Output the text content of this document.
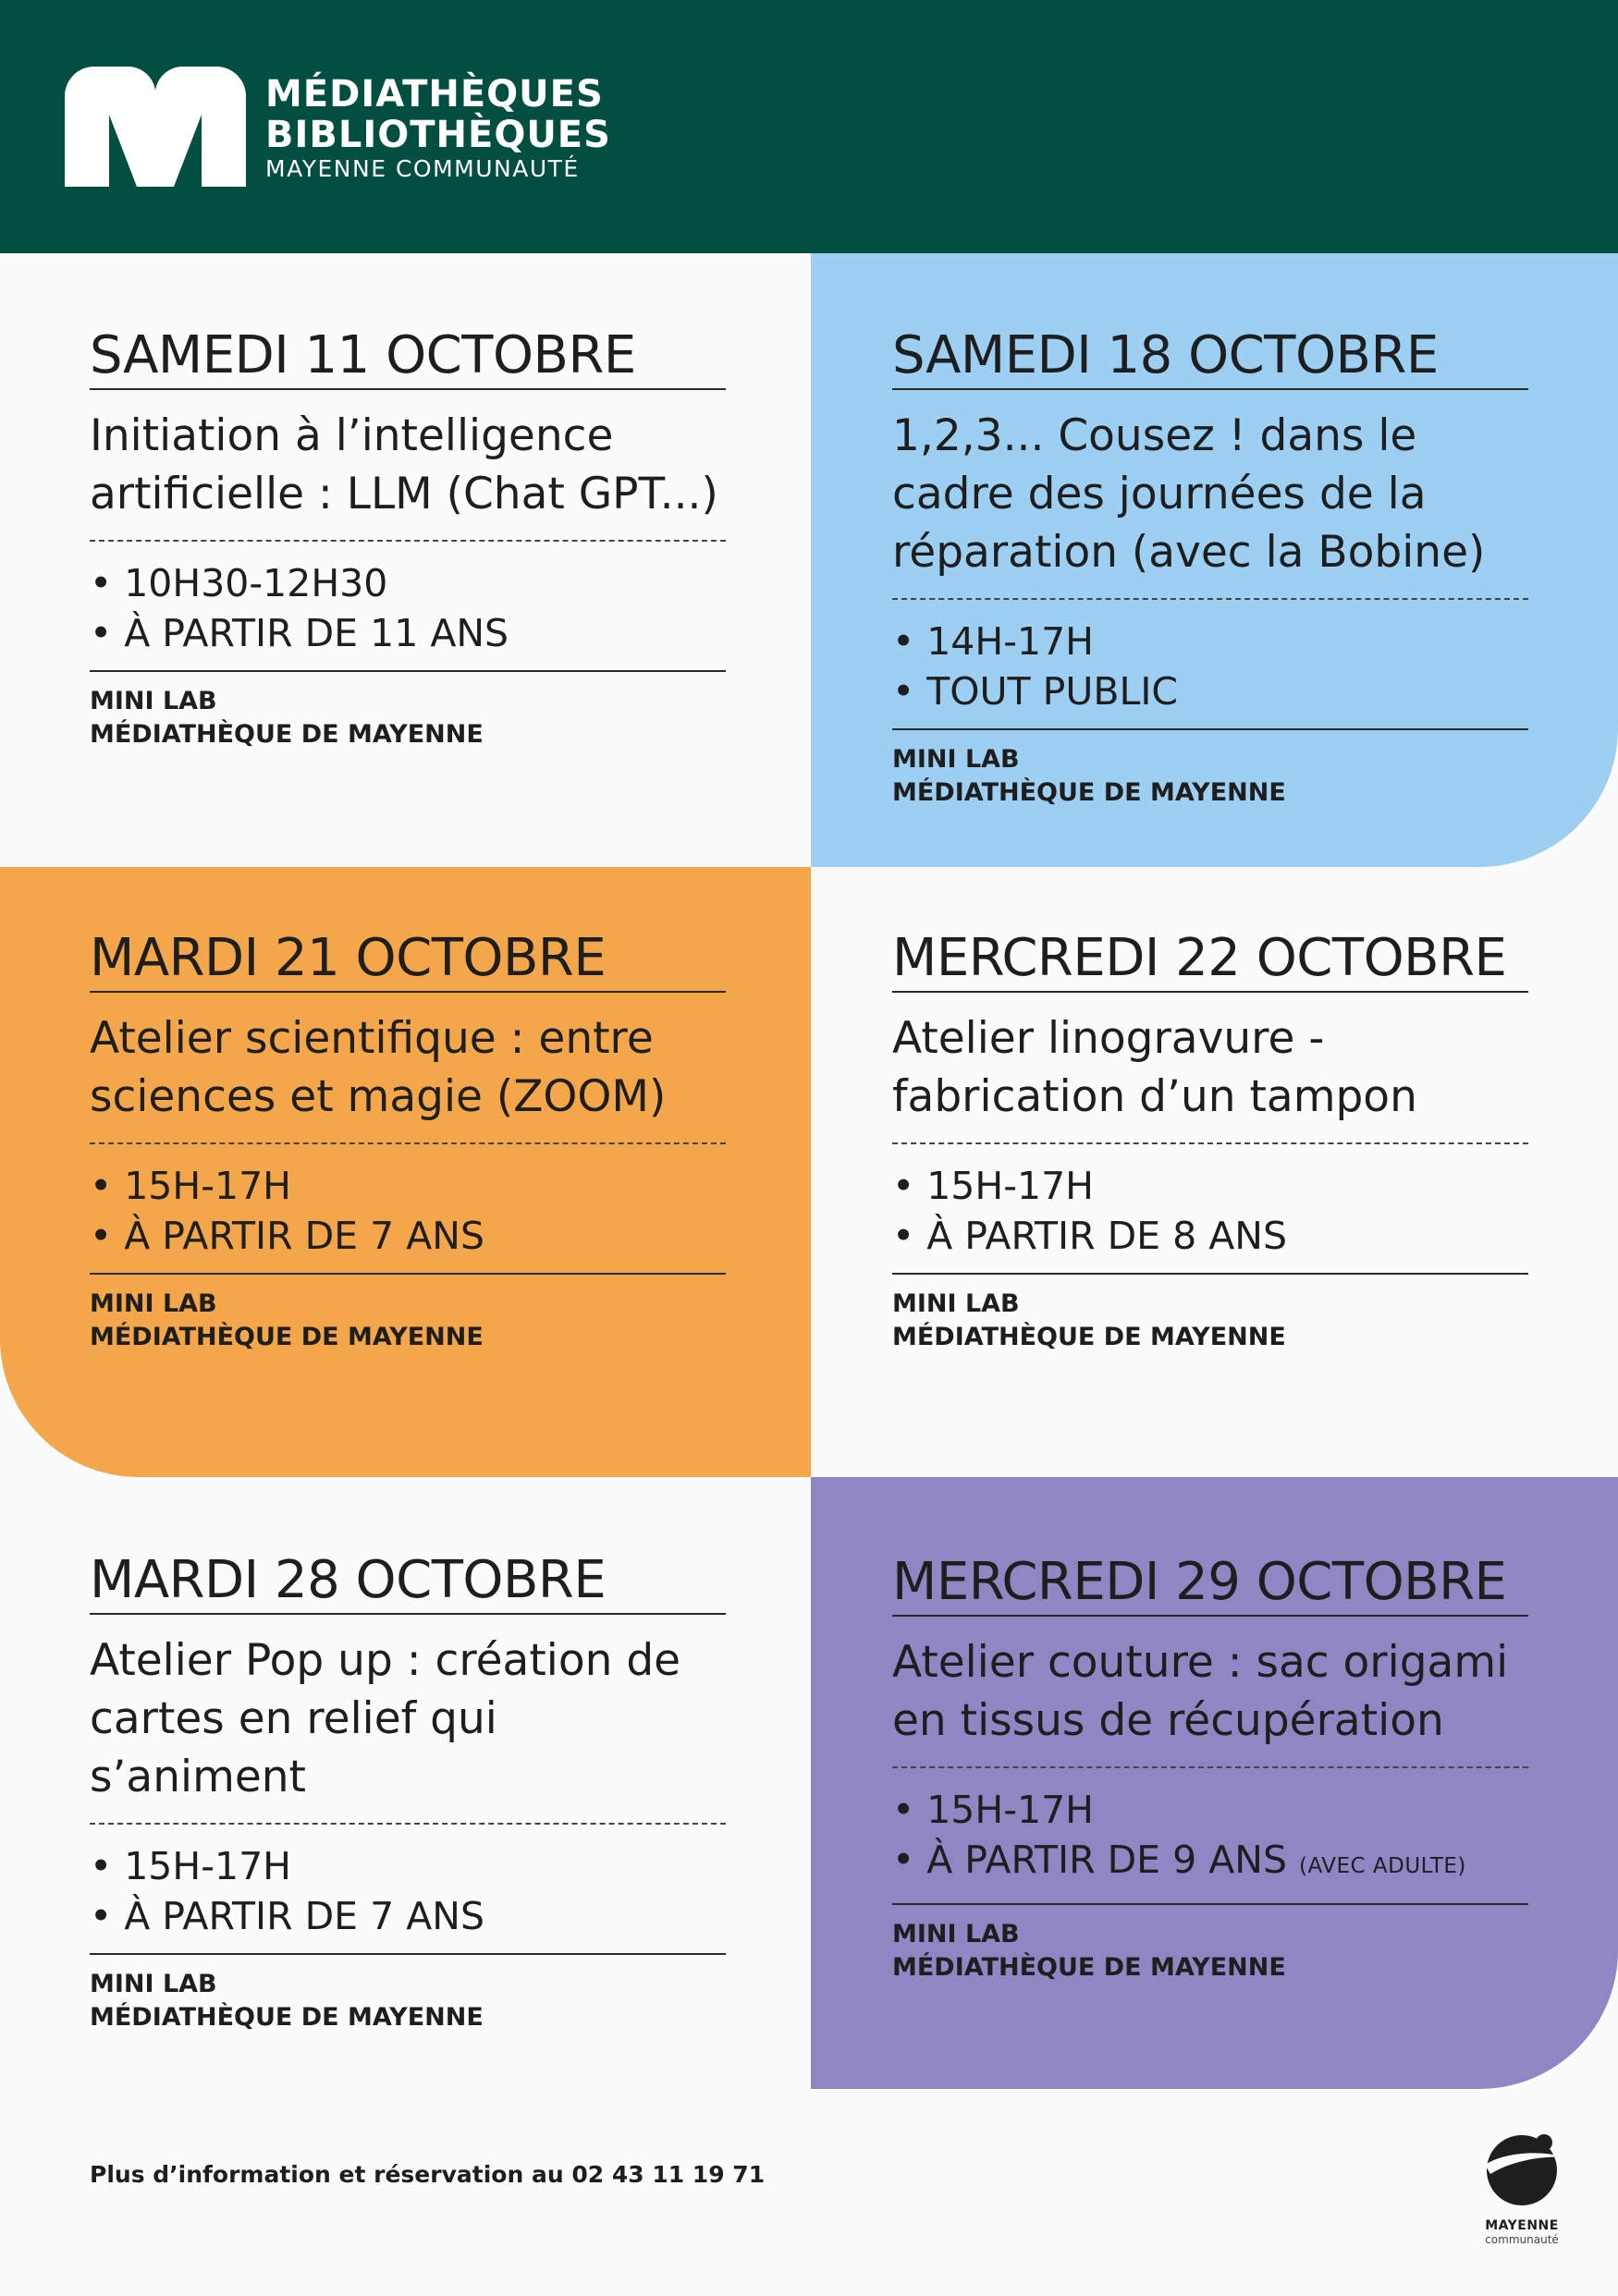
MÉDIATHÈQUES
BIBLIOTHÈQUES
MAYENNE COMMUNAUTÉ
SAMEDI 11 OCTOBRE
Initiation à l’intelligence artificielle : LLM (Chat GPT...)
• 10H30-12H30
• À PARTIR DE 11 ANS
MINI LAB
MÉDIATHÈQUE DE MAYENNE
SAMEDI 18 OCTOBRE
1,2,3... Cousez ! dans le cadre des journées de la réparation (avec la Bobine)
• 14H-17H
• TOUT PUBLIC
MINI LAB
MÉDIATHÈQUE DE MAYENNE
MARDI 21 OCTOBRE
Atelier scientifique : entre sciences et magie (ZOOM)
• 15H-17H
• À PARTIR DE 7 ANS
MINI LAB
MÉDIATHÈQUE DE MAYENNE
MERCREDI 22 OCTOBRE
Atelier linogravure - fabrication d’un tampon
• 15H-17H
• À PARTIR DE 8 ANS
MINI LAB
MÉDIATHÈQUE DE MAYENNE
MARDI 28 OCTOBRE
Atelier Pop up : création de cartes en relief qui s’animent
• 15H-17H
• À PARTIR DE 7 ANS
MINI LAB
MÉDIATHÈQUE DE MAYENNE
MERCREDI 29 OCTOBRE
Atelier couture : sac origami en tissus de récupération
• 15H-17H
• À PARTIR DE 9 ANS (AVEC ADULTE)
MINI LAB
MÉDIATHÈQUE DE MAYENNE
Plus d’information et réservation au 02 43 11 19 71
MAYENNE
communauté
